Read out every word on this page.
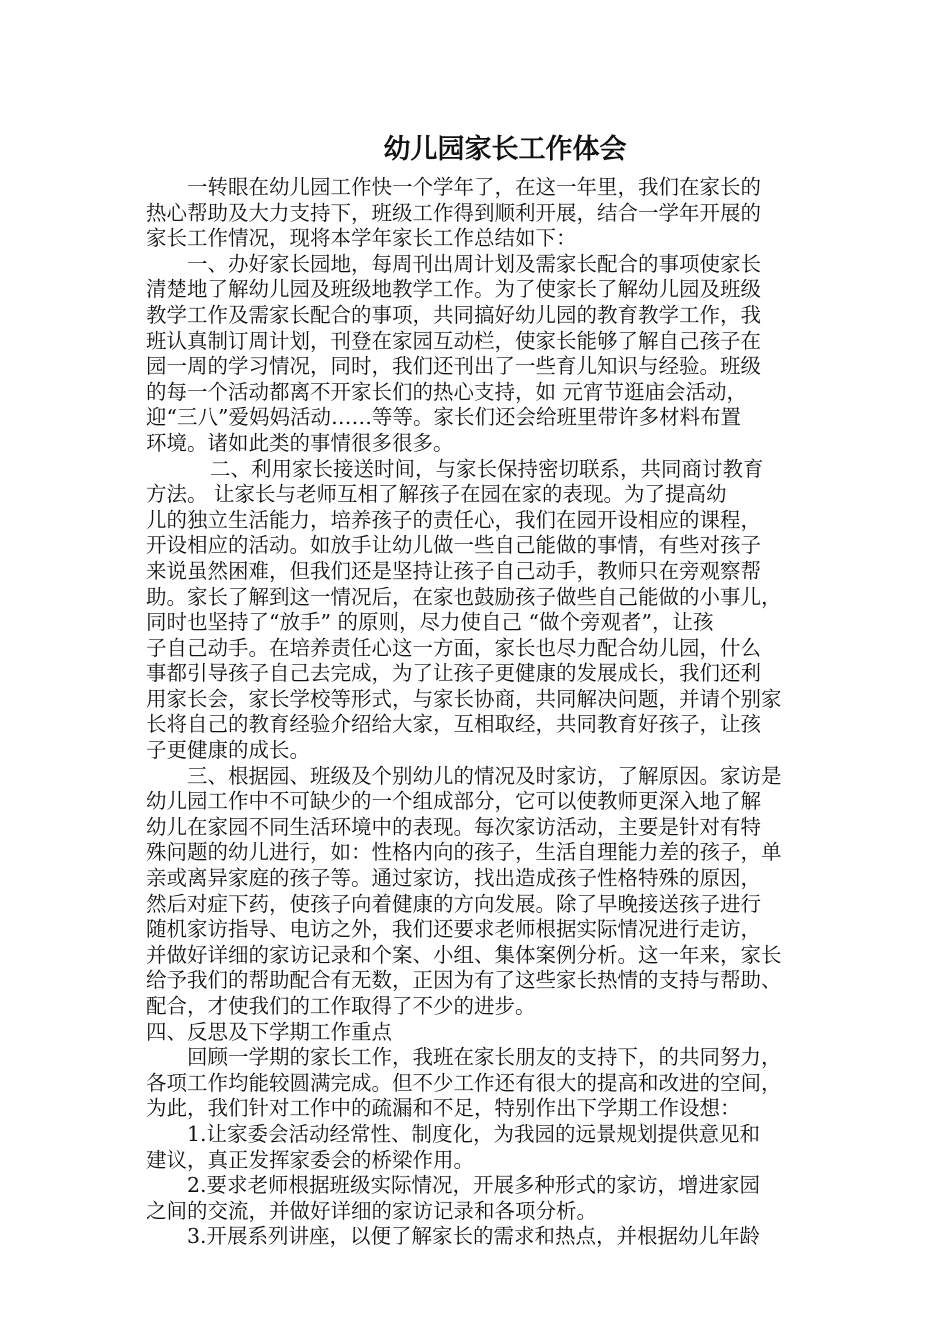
幼儿园家长工作体会
一转眼在幼儿园工作快一个学年了，在这一年里，我们在家长的
热心帮助及大力支持下，班级工作得到顺利开展，结合一学年开展的
家长工作情况，现将本学年家长工作总结如下：
一、办好家长园地，每周刊出周计划及需家长配合的事项使家长
清楚地了解幼儿园及班级地教学工作。为了使家长了解幼儿园及班级
教学工作及需家长配合的事项，共同搞好幼儿园的教育教学工作，我
班认真制订周计划，刊登在家园互动栏，使家长能够了解自己孩子在
园一周的学习情况，同时，我们还刊出了一些育儿知识与经验。班级
的每一个活动都离不开家长们的热心支持，如 元宵节逛庙会活动，
迎“三八”爱妈妈活动……等等。家长们还会给班里带许多材料布置
环境。诸如此类的事情很多很多。
二、利用家长接送时间，与家长保持密切联系，共同商讨教育
方法。 让家长与老师互相了解孩子在园在家的表现。为了提高幼
儿的独立生活能力，培养孩子的责任心，我们在园开设相应的课程，
开设相应的活动。如放手让幼儿做一些自己能做的事情，有些对孩子
来说虽然困难，但我们还是坚持让孩子自己动手，教师只在旁观察帮
助。家长了解到这一情况后，在家也鼓励孩子做些自己能做的小事儿，
同时也坚持了“放手” 的原则，尽力使自己 “做个旁观者”，让孩
子自己动手。在培养责任心这一方面，家长也尽力配合幼儿园，什么
事都引导孩子自己去完成，为了让孩子更健康的发展成长，我们还利
用家长会，家长学校等形式，与家长协商，共同解决问题，并请个别家
长将自己的教育经验介绍给大家，互相取经，共同教育好孩子，让孩
子更健康的成长。
三、根据园、班级及个别幼儿的情况及时家访，了解原因。家访是
幼儿园工作中不可缺少的一个组成部分，它可以使教师更深入地了解
幼儿在家园不同生活环境中的表现。每次家访活动，主要是针对有特
殊问题的幼儿进行，如：性格内向的孩子，生活自理能力差的孩子，单
亲或离异家庭的孩子等。通过家访，找出造成孩子性格特殊的原因，
然后对症下药，使孩子向着健康的方向发展。除了早晚接送孩子进行
随机家访指导、电访之外，我们还要求老师根据实际情况进行走访，
并做好详细的家访记录和个案、小组、集体案例分析。这一年来，家长
给予我们的帮助配合有无数，正因为有了这些家长热情的支持与帮助、
配合，才使我们的工作取得了不少的进步。
四、反思及下学期工作重点
回顾一学期的家长工作，我班在家长朋友的支持下，的共同努力，
各项工作均能较圆满完成。但不少工作还有很大的提高和改进的空间，
为此，我们针对工作中的疏漏和不足，特别作出下学期工作设想：
1.让家委会活动经常性、制度化，为我园的远景规划提供意见和
建议，真正发挥家委会的桥梁作用。
2.要求老师根据班级实际情况，开展多种形式的家访，增进家园
之间的交流，并做好详细的家访记录和各项分析。
3.开展系列讲座，以便了解家长的需求和热点，并根据幼儿年龄
